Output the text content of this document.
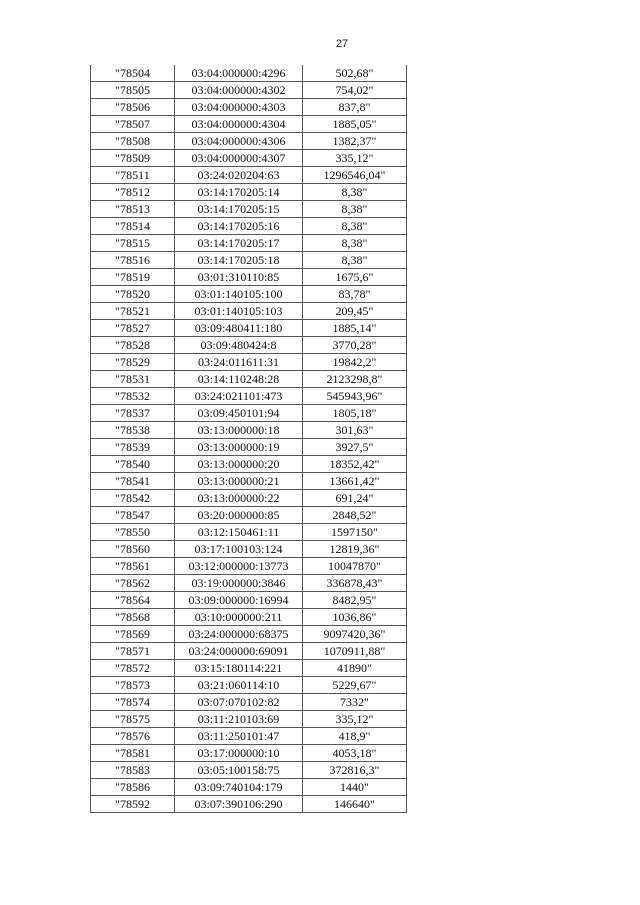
27
"78504	03:04:000000:4296	502,68"
"78505	03:04:000000:4302	754,02"
"78506	03:04:000000:4303	837,8"
"78507	03:04:000000:4304	1885,05"
"78508	03:04:000000:4306	1382,37"
"78509	03:04:000000:4307	335,12"
"78511	03:24:020204:63	1296546,04"
"78512	03:14:170205:14	8,38"
"78513	03:14:170205:15	8,38"
"78514	03:14:170205:16	8,38"
"78515	03:14:170205:17	8,38"
"78516	03:14:170205:18	8,38"
"78519	03:01:310110:85	1675,6"
"78520	03:01:140105:100	83,78"
"78521	03:01:140105:103	209,45"
"78527	03:09:480411:180	1885,14"
"78528	03:09:480424:8	3770,28"
"78529	03:24:011611:31	19842,2"
"78531	03:14:110248:28	2123298,8"
"78532	03:24:021101:473	545943,96"
"78537	03:09:450101:94	1805,18"
"78538	03:13:000000:18	301,63"
"78539	03:13:000000:19	3927,5"
"78540	03:13:000000:20	18352,42"
"78541	03:13:000000:21	13661,42"
"78542	03:13:000000:22	691,24"
"78547	03:20:000000:85	2848,52"
"78550	03:12:150461:11	1597150"
"78560	03:17:100103:124	12819,36"
"78561	03:12:000000:13773	10047870"
"78562	03:19:000000:3846	336878,43"
"78564	03:09:000000:16994	8482,95"
"78568	03:10:000000:211	1036,86"
"78569	03:24:000000:68375	9097420,36"
"78571	03:24:000000:69091	1070911,88"
"78572	03:15:180114:221	41890"
"78573	03:21:060114:10	5229,67"
"78574	03:07:070102:82	7332"
"78575	03:11:210103:69	335,12"
"78576	03:11:250101:47	418,9"
"78581	03:17:000000:10	4053,18"
"78583	03:05:100158:75	372816,3"
"78586	03:09:740104:179	1440"
"78592	03:07:390106:290	146640"
